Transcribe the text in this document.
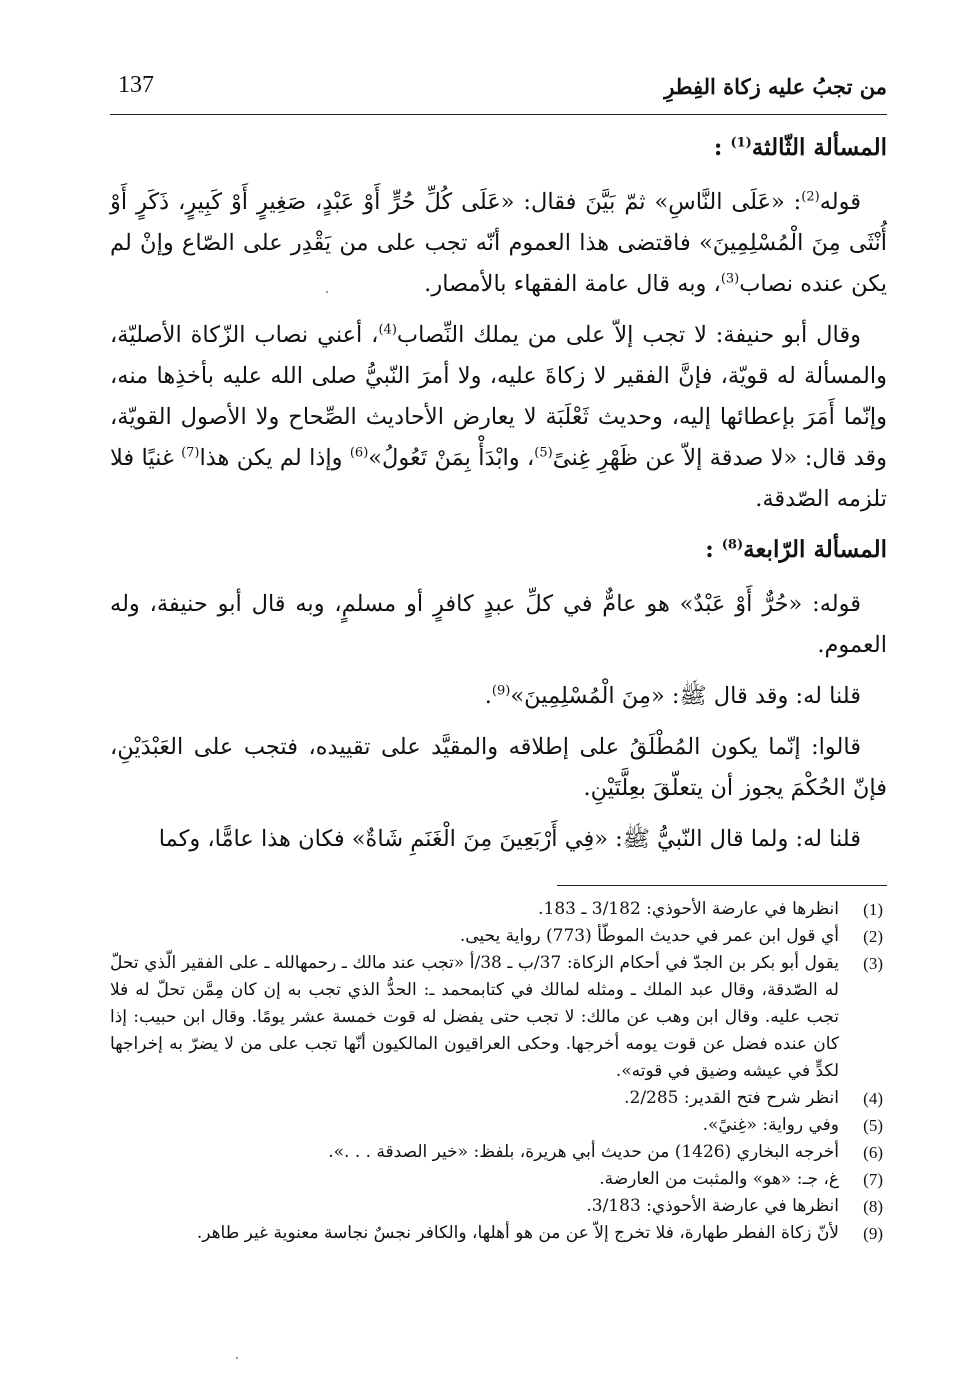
137	من تجبُ عليه زكاة الفِطرِ
المسألة الثّالثة$^{(1)}$ :

قوله$^{(2)}$: «عَلَى النَّاسِ» ثمّ بَيَّنَ فقال: «عَلَى كُلِّ حُرٍّ أَوْ عَبْدٍ، صَغِيرٍ أَوْ كَبِيرٍ، ذَكَرٍ أَوْ أُنْثَى مِنَ الْمُسْلِمِينَ» فاقتضى هذا العموم أنّه تجب على من يَقْدِر على الصّاع وإنْ لم يكن عنده نصاب$^{(3)}$، وبه قال عامة الفقهاء بالأمصار.

وقال أبو حنيفة: لا تجب إلاّ على من يملك النِّصاب$^{(4)}$، أعني نصاب الزّكاة الأصليّة، والمسألة له قويّة، فإنَّ الفقير لا زكاةَ عليه، ولا أمرَ النّبيُّ صلى الله عليه بأخذِها منه، وإنّما أَمَرَ بإعطائها إليه، وحديث ثَعْلَبَة لا يعارض الأحاديث الصِّحاح ولا الأصول القويّة، وقد قال: «لا صدقة إلاّ عن ظَهْرِ غِنىً$^{(5)}$، وابْدَأْ بِمَنْ تَعُولُ»$^{(6)}$ وإذا لم يكن هذا$^{(7)}$ غنيًا فلا تلزمه الصّدقة.

المسألة الرّابعة$^{(8)}$ :

قوله: «حُرٌّ أَوْ عَبْدٌ» هو عامٌّ في كلِّ عبدٍ كافرٍ أو مسلمٍ، وبه قال أبو حنيفة، وله العموم.

قلنا له: وقد قال ﷺ: «مِنَ الْمُسْلِمِينَ»$^{(9)}$.

قالوا: إنّما يكون المُطْلَقُ على إطلاقه والمقيَّد على تقييده، فتجب على العَبْدَيْنِ، فإنّ الحُكْمَ يجوز أن يتعلّقَ بعِلَّتَيْنِ.

قلنا له: ولما قال النّبيُّ ﷺ: «فِي أَرْبَعِينَ مِنَ الْغَنَمِ شَاةٌ» فكان هذا عامًّا، وكما

(1)
انظرها في عارضة الأحوذي: 3/182 ـ 183.
(2)
أي قول ابن عمر في حديث الموطّأ (773) رواية يحيى.
(3)
يقول أبو بكر بن الجدّ في أحكام الزكاة: 37/ب ـ 38/أ «تجب عند مالك ـ رحمهالله ـ على الفقير الّذي تحلّ له الصّدقة، وقال عبد الملك ـ ومثله لمالك في كتابمحمد ـ: الحدُّ الذي تجب به إن كان مِمَّن تحلّ له فلا تجب عليه. وقال ابن وهب عن مالك: لا تجب حتى يفضل له قوت خمسة عشر يومًا. وقال ابن حبيب: إذا كان عنده فضل عن قوت يومه أخرجها. وحكى العراقيون المالكيون أنّها تجب على من لا يضرّ به إخراجها لكدٍّ في عيشه وضيق في قوته».
(4)
انظر شرح فتح القدير: 2/285.
(5)
وفي رواية: «غِنيً».
(6)
أخرجه البخاري (1426) من حديث أبي هريرة، بلفظ: «خير الصدقة . . .».
(7)
غ، جـ: «هو» والمثبت من العارضة.
(8)
انظرها في عارضة الأحوذي: 3/183.
(9)
لأنّ زكاة الفطر طهارة، فلا تخرج إلاّ عن من هو أهلها، والكافر نجسٌ نجاسة معنوية غير طاهر.
